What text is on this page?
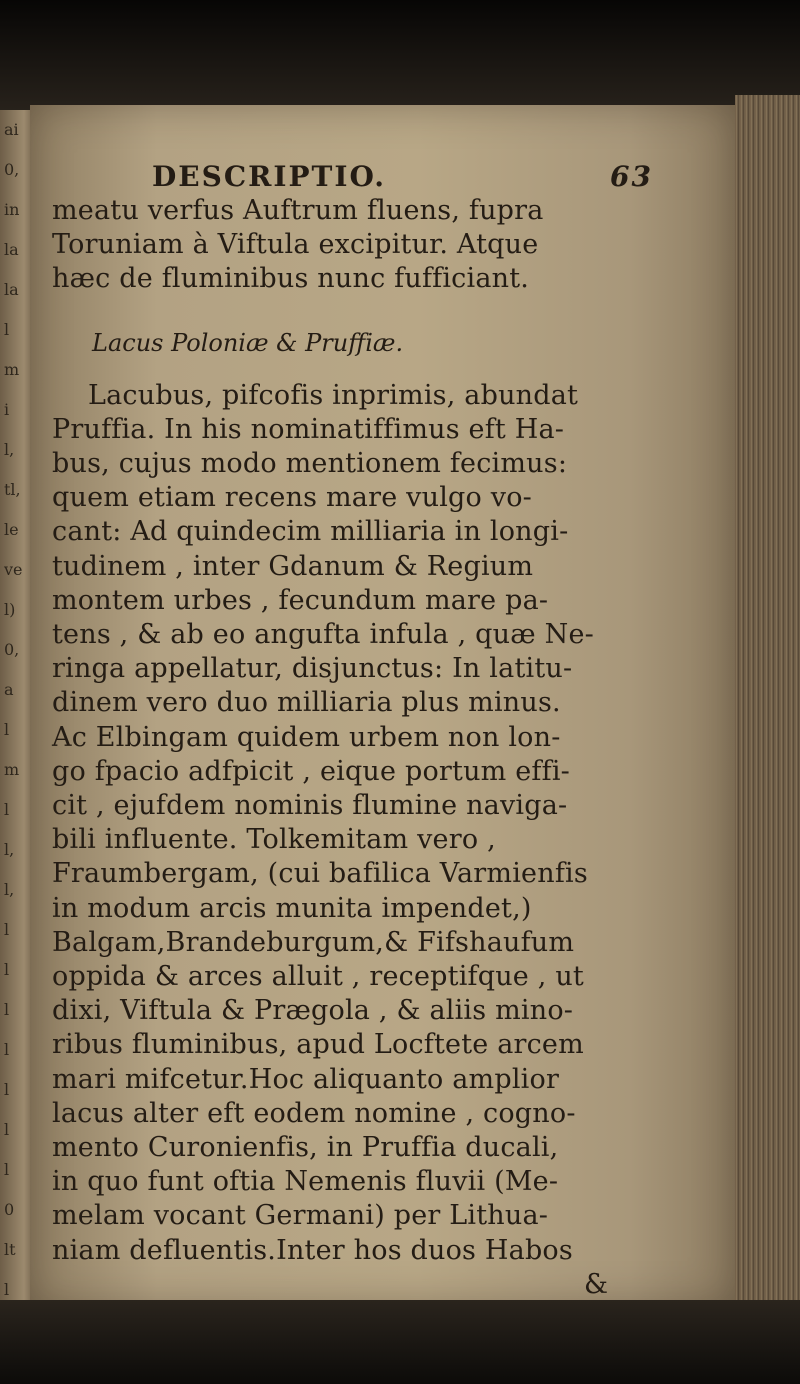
ai
0,
in
la
la
l
m
i
l,
tl,
le
ve
l)
0,
a
l
m
l
l,
l,
l
l
l
l
l
l
l
0
lt
l
DESCRIPTIO.	63
meatu verfus Auftrum fluens, fupra
Toruniam à Viftula excipitur. Atque
hæc de fluminibus nunc fufficiant.
Lacus Poloniæ & Pruffiæ.
Lacubus, pifcofis inprimis, abundat
Pruffia. In his nominatiffimus eft Ha-
bus, cujus modo mentionem fecimus:
quem etiam recens mare vulgo vo-
cant: Ad quindecim milliaria in longi-
tudinem , inter Gdanum & Regium
montem urbes , fecundum mare pa-
tens , & ab eo angufta infula , quæ Ne-
ringa appellatur, disjunctus: In latitu-
dinem vero duo milliaria plus minus.
Ac Elbingam quidem urbem non lon-
go fpacio adfpicit , eique portum effi-
cit , ejufdem nominis flumine naviga-
bili influente. Tolkemitam vero ,
Fraumbergam, (cui bafilica Varmienfis
in modum arcis munita impendet,)
Balgam,Brandeburgum,& Fifshaufum
oppida & arces alluit , receptifque , ut
dixi, Viftula & Prægola , & aliis mino-
ribus fluminibus, apud Locftete arcem
mari mifcetur.Hoc aliquanto amplior
lacus alter eft eodem nomine , cogno-
mento Curonienfis, in Pruffia ducali,
in quo funt oftia Nemenis fluvii (Me-
melam vocant Germani) per Lithua-
niam defluentis.Inter hos duos Habos
&
